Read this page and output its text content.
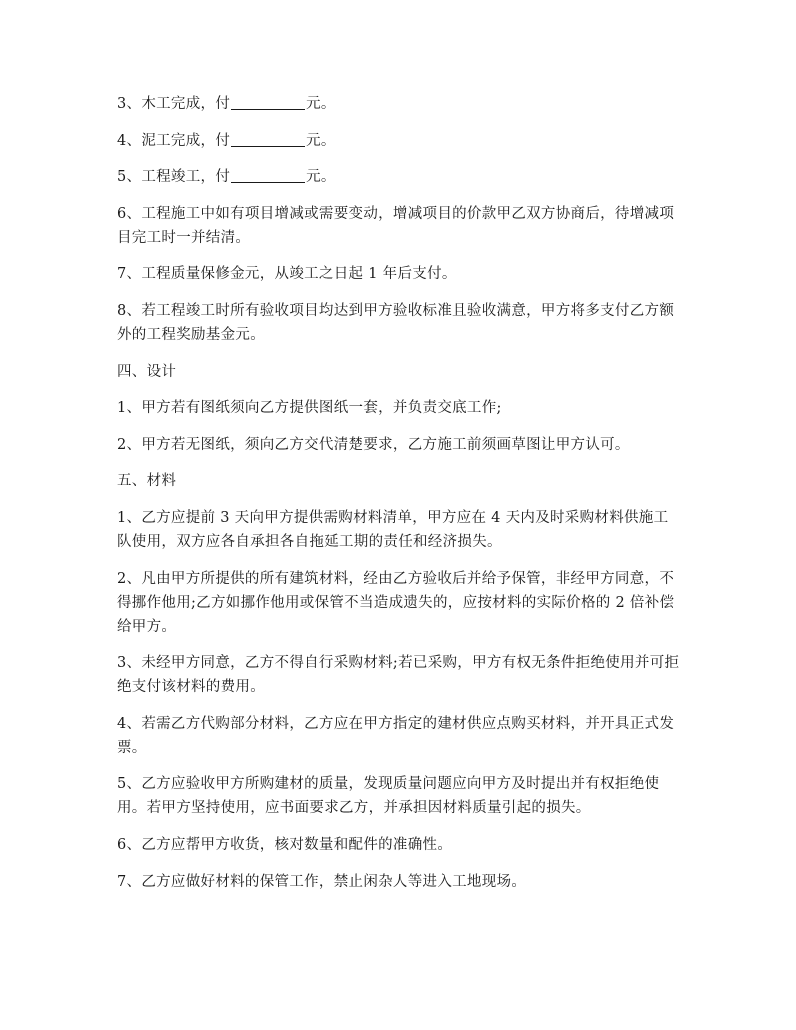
3、木工完成，付	元。

4、泥工完成，付	元。

5、工程竣工，付	元。

6、工程施工中如有项目增减或需要变动，增减项目的价款甲乙双方协商后，待增减项目完工时一并结清。

7、工程质量保修金元，从竣工之日起 1 年后支付。

8、若工程竣工时所有验收项目均达到甲方验收标准且验收满意，甲方将多支付乙方额外的工程奖励基金元。

四、设计

1、甲方若有图纸须向乙方提供图纸一套，并负责交底工作;

2、甲方若无图纸，须向乙方交代清楚要求，乙方施工前须画草图让甲方认可。

五、材料

1、乙方应提前 3 天向甲方提供需购材料清单，甲方应在 4 天内及时采购材料供施工队使用，双方应各自承担各自拖延工期的责任和经济损失。

2、凡由甲方所提供的所有建筑材料，经由乙方验收后并给予保管，非经甲方同意，不得挪作他用;乙方如挪作他用或保管不当造成遗失的，应按材料的实际价格的 2 倍补偿给甲方。

3、未经甲方同意，乙方不得自行采购材料;若已采购，甲方有权无条件拒绝使用并可拒绝支付该材料的费用。

4、若需乙方代购部分材料，乙方应在甲方指定的建材供应点购买材料，并开具正式发票。

5、乙方应验收甲方所购建材的质量，发现质量问题应向甲方及时提出并有权拒绝使用。若甲方坚持使用，应书面要求乙方，并承担因材料质量引起的损失。

6、乙方应帮甲方收货，核对数量和配件的准确性。

7、乙方应做好材料的保管工作，禁止闲杂人等进入工地现场。
